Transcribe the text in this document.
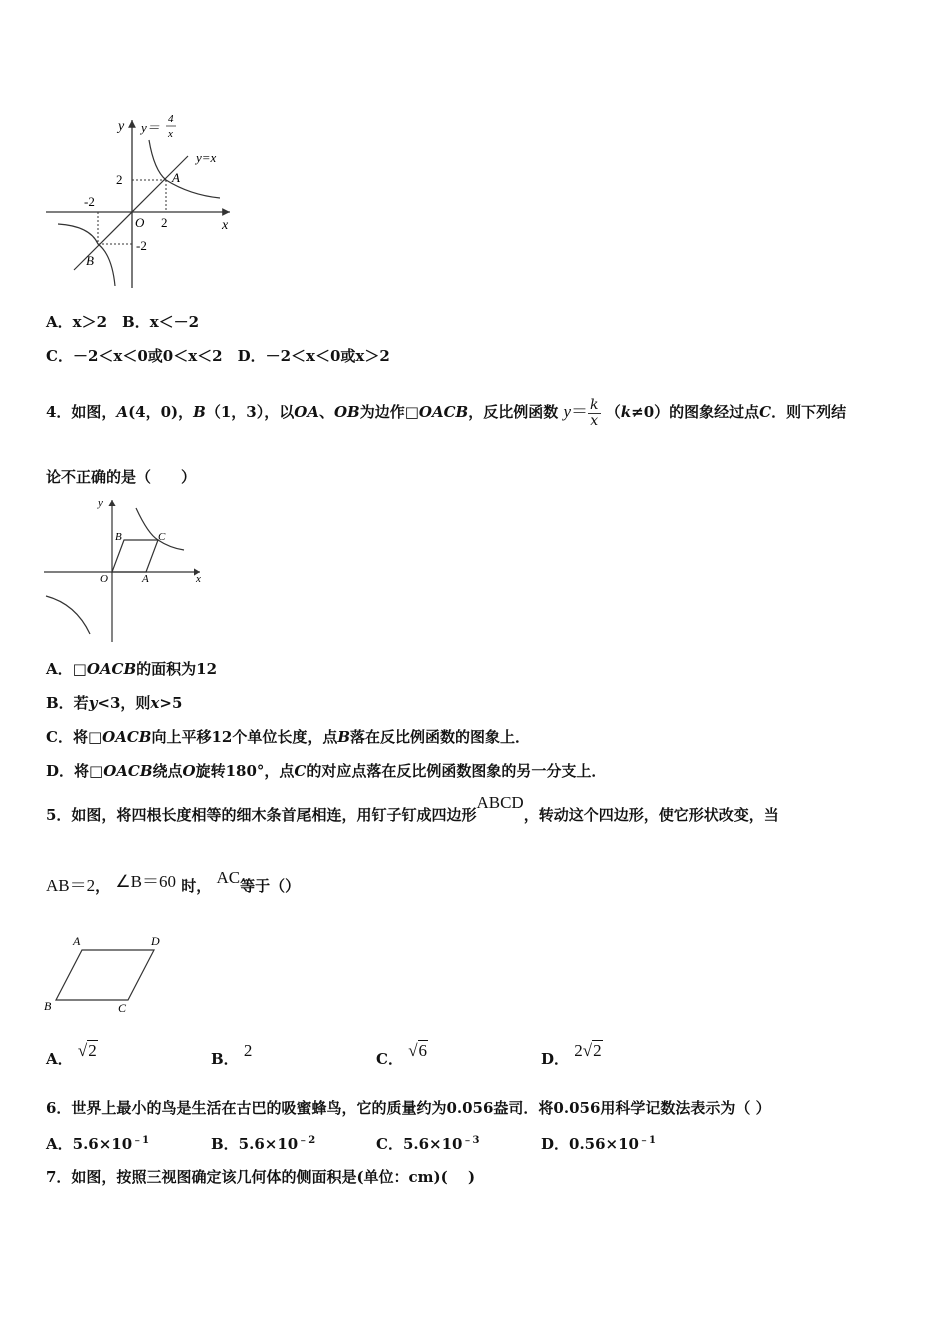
y y＝
4
x
y=x
2	A
-2
O 2	x
-2
B
A．x＞2　B．x＜－2
C．－2＜x＜0或0＜x＜2　D．－2＜x＜0或x＞2
4．如图，A(4，0)，B（1，3），以OA、OB为边作□OACB，反比例函数 $y= \frac{k}{x} (k\ne 0)$的图象经过点C．则下列结
论不正确的是（　　）
y
B	C
O	A	x
A．□OACB的面积为12
B．若y<3，则x>5
C．将□OACB向上平移12个单位长度，点B落在反比例函数的图象上．
D．将□OACB绕点O旋转180°，点C的对应点落在反比例函数图象的另一分支上．
5．如图，将四根长度相等的细木条首尾相连，用钉子钉成四边形ABCD，转动这个四边形，使它形状改变，当
AB＝2， ∠B＝60 时， AC等于（）
A	D
B	C
A． √2	B． 2	C． √6	D． 2√2
6．世界上最小的鸟是生活在古巴的吸蜜蜂鸟，它的质量约为0.056盎司．将0.056用科学记数法表示为（ ）
A．$5.6\times 10^{﹣1}$	B．$5.6\times 10^{﹣2}$	C．$5.6\times 10^{﹣3}$	D．$0.56\times 10^{﹣1}$
7．如图，按照三视图确定该几何体的侧面积是(单位：cm)(　 )
